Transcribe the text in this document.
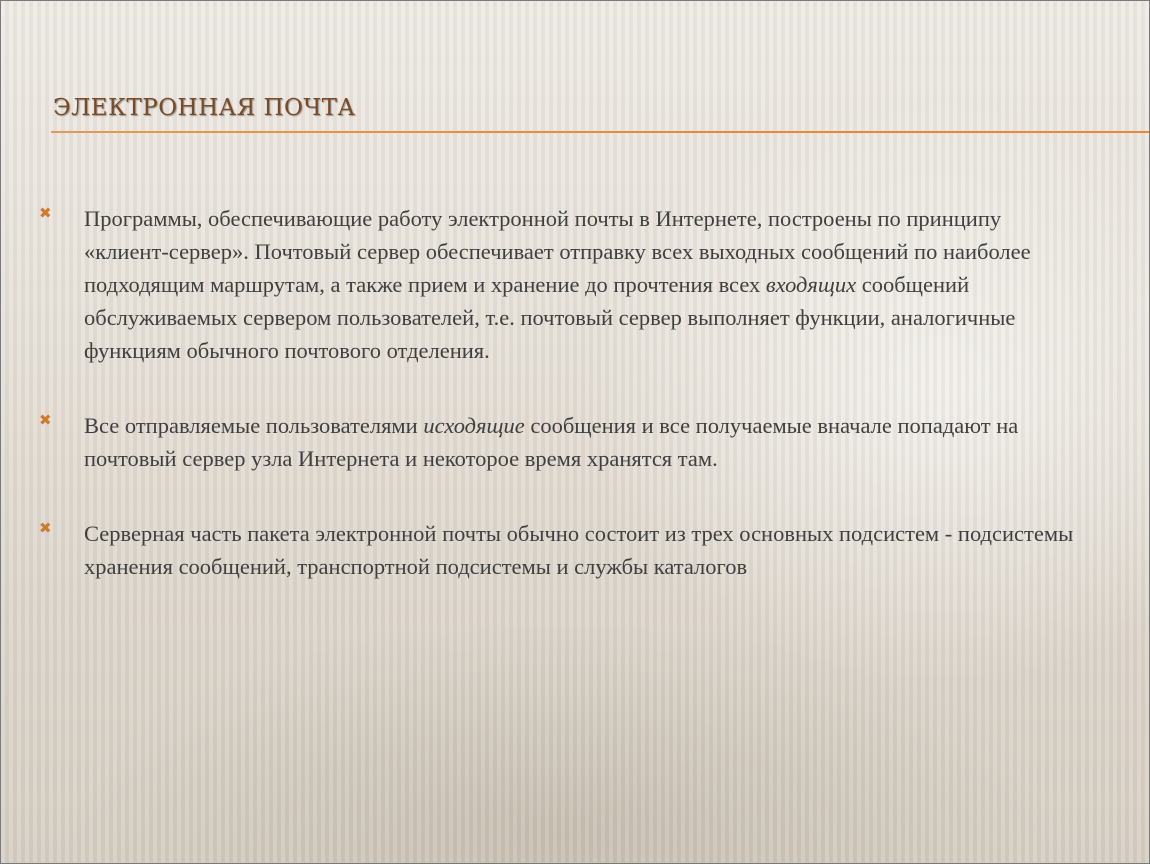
ЭЛЕКТРОННАЯ ПОЧТА
✖ Программы, обеспечивающие работу электронной почты в Интернете, построены по принципу «клиент-сервер». Почтовый сервер обеспечивает отправку всех выходных сообщений по наиболее подходящим маршрутам, а также прием и хранение до прочтения всех входящих сообщений обслуживаемых сервером пользователей, т.е. почтовый сервер выполняет функции, аналогичные функциям обычного почтового отделения.
✖ Все отправляемые пользователями исходящие сообщения и все получаемые вначале попадают на почтовый сервер узла Интернета и некоторое время хранятся там.
✖ Серверная часть пакета электронной почты обычно состоит из трех основных подсистем - подсистемы хранения сообщений, транспортной подсистемы и службы каталогов
